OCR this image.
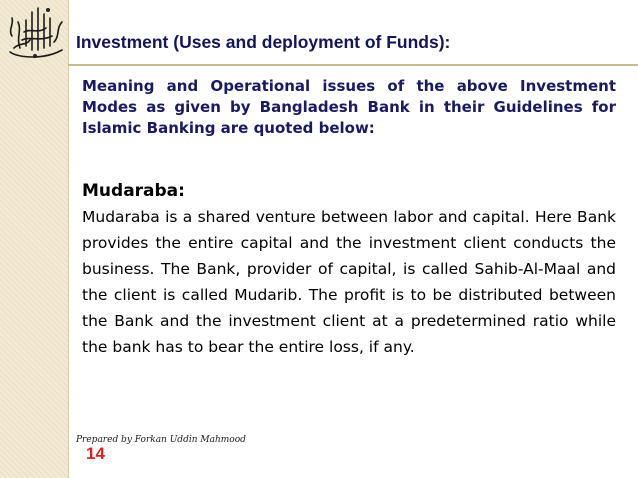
Investment (Uses and deployment of Funds):
Meaning and Operational issues of the above Investment Modes as given by Bangladesh Bank in their Guidelines for Islamic Banking are quoted below:
Mudaraba:
Mudaraba is a shared venture between labor and capital. Here Bank provides the entire capital and the investment client conducts the business. The Bank, provider of capital, is called Sahib-Al-Maal and the client is called Mudarib. The profit is to be distributed between the Bank and the investment client at a predetermined ratio while the bank has to bear the entire loss, if any.
Prepared by Forkan Uddin Mahmood
14
